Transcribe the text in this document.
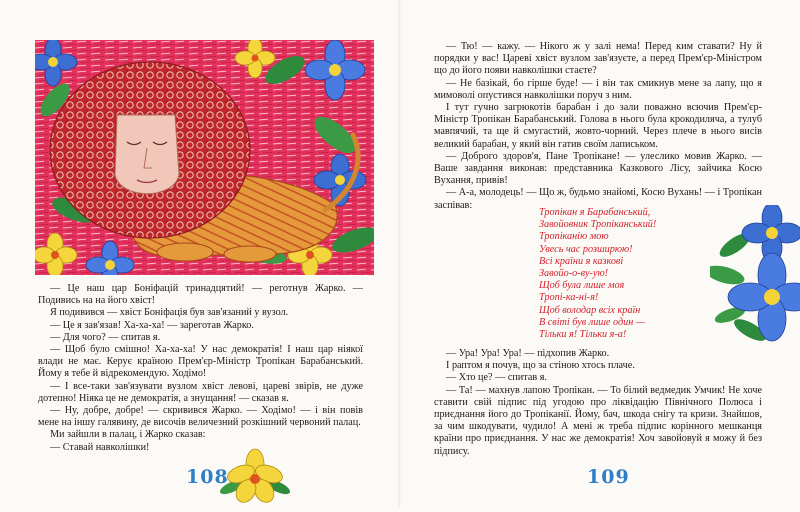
— Це наш цар Боніфацій тринадцятий! — реготнув Жарко. — Подивись на на його хвіст!

Я подивився — хвіст Боніфація був зав'язаний у вузол.

— Це я зав'язав! Ха-ха-ха! — зареготав Жарко.

— Для чого? — спитав я.

— Щоб було смішно! Ха-ха-ха! У нас демократія! І наш цар ніякої влади не має. Керує країною Прем'єр-Міністр Тропікан Барабанський. Йому я тебе й відрекомендую. Ходімо!

— І все-таки зав'язувати вузлом хвіст левові, цареві звірів, не дуже дотепно! Ніяка це не демократія, а знущання! — сказав я.

— Ну, добре, добре! — скривився Жарко. — Ходімо! — і він повів мене на іншу галявину, де височів величезний розкішний червоний палац.

Ми зайшли в палац, і Жарко сказав:

— Ставай навколішки!

108

— Тю! — кажу. — Нікого ж у залі нема! Перед ким ставати? Ну й порядки у вас! Цареві хвіст вузлом зав'язуєте, а перед Прем'єр-Міністром що до його появи навколішки стаєте?

— Не базікай, бо гірше буде! — і він так смикнув мене за лапу, що я мимоволі опустився навколішки поруч з ним.

І тут гучно загрюкотів барабан і до зали поважно всючив Прем'єр-Міністр Тропікан Барабанський. Голова в нього була крокодиляча, а тулуб мавпячий, та ще й смугастий, жовто-чорний. Через плече в нього висів великий барабан, у який він гатив своїм лаписьком.

— Доброго здоров'я, Пане Тропікане! — улеслико мовив Жарко. — Ваше завдання виконав: представника Казкового Лісу, зайчика Косю Вухання, привів!

— А-а, молодець! — Що ж, будьмо знайомі, Косю Вухань! — і Тропікан заспівав:

Тропікан я Барабанський,
Завойовник Тропіканський!
Тропіканію мою
Увесь час розширюю!
Всі країни я казкові
Завойо-о-ву-ую!
Щоб була лише моя
Тропі-ка-ні-я!
Щоб володар всіх країн
В світі був лише один —
Тільки я! Тільки я-а!

— Ура! Ура! Ура! — підхопив Жарко.

І раптом я почув, що за стіною хтось плаче.

— Хто це? — спитав я.

— Та! — махнув лапою Тропікан. — То білий ведмедик Умчик! Не хоче ставити свій підпис під угодою про ліквідацію Північного Полюса і приєднання його до Тропіканії. Йому, бач, шкода снігу та кризи. Знайшов, за чим шкодувати, чудило! А мені ж треба підпис корінного мешканця країни про приєднання. У нас же демократія! Хоч завойовуй я можу й без підпису.

109
